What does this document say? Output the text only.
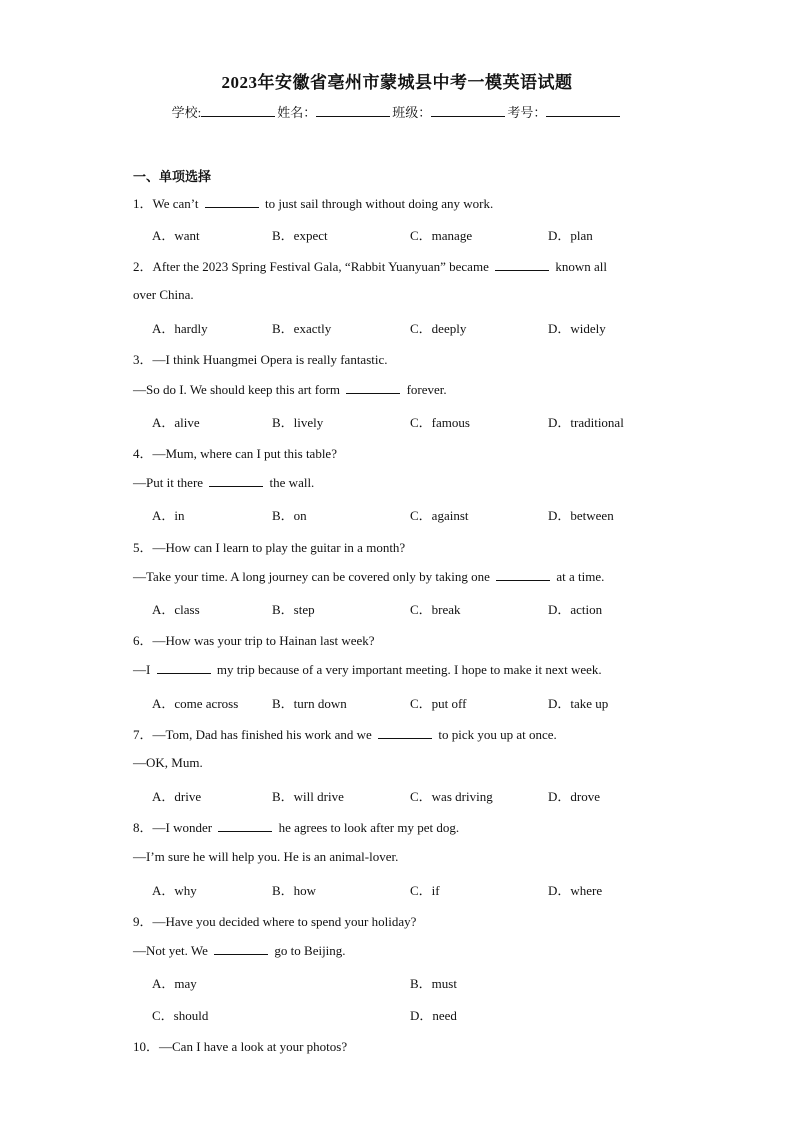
2023年安徽省亳州市蒙城县中考一模英语试题
学校:	姓名：	班级：	考号：
一、单项选择
1．We can’t	to just sail through without doing any work.
A．want	B．expect	C．manage	D．plan
2．After the 2023 Spring Festival Gala, “Rabbit Yuanyuan” became	known all
over China.
A．hardly	B．exactly	C．deeply	D．widely
3．—I think Huangmei Opera is really fantastic.
—So do I. We should keep this art form	forever.
A．alive	B．lively	C．famous	D．traditional
4．—Mum, where can I put this table?
—Put it there	the wall.
A．in	B．on	C．against	D．between
5．—How can I learn to play the guitar in a month?
—Take your time. A long journey can be covered only by taking one	at a time.
A．class	B．step	C．break	D．action
6．—How was your trip to Hainan last week?
—I	my trip because of a very important meeting. I hope to make it next week.
A．come across	B．turn down	C．put off	D．take up
7．—Tom, Dad has finished his work and we	to pick you up at once.
—OK, Mum.
A．drive	B．will drive	C．was driving	D．drove
8．—I wonder	he agrees to look after my pet dog.
—I’m sure he will help you. He is an animal-lover.
A．why	B．how	C．if	D．where
9．—Have you decided where to spend your holiday?
—Not yet. We	go to Beijing.
A．may	B．must
C．should	D．need
10．—Can I have a look at your photos?
